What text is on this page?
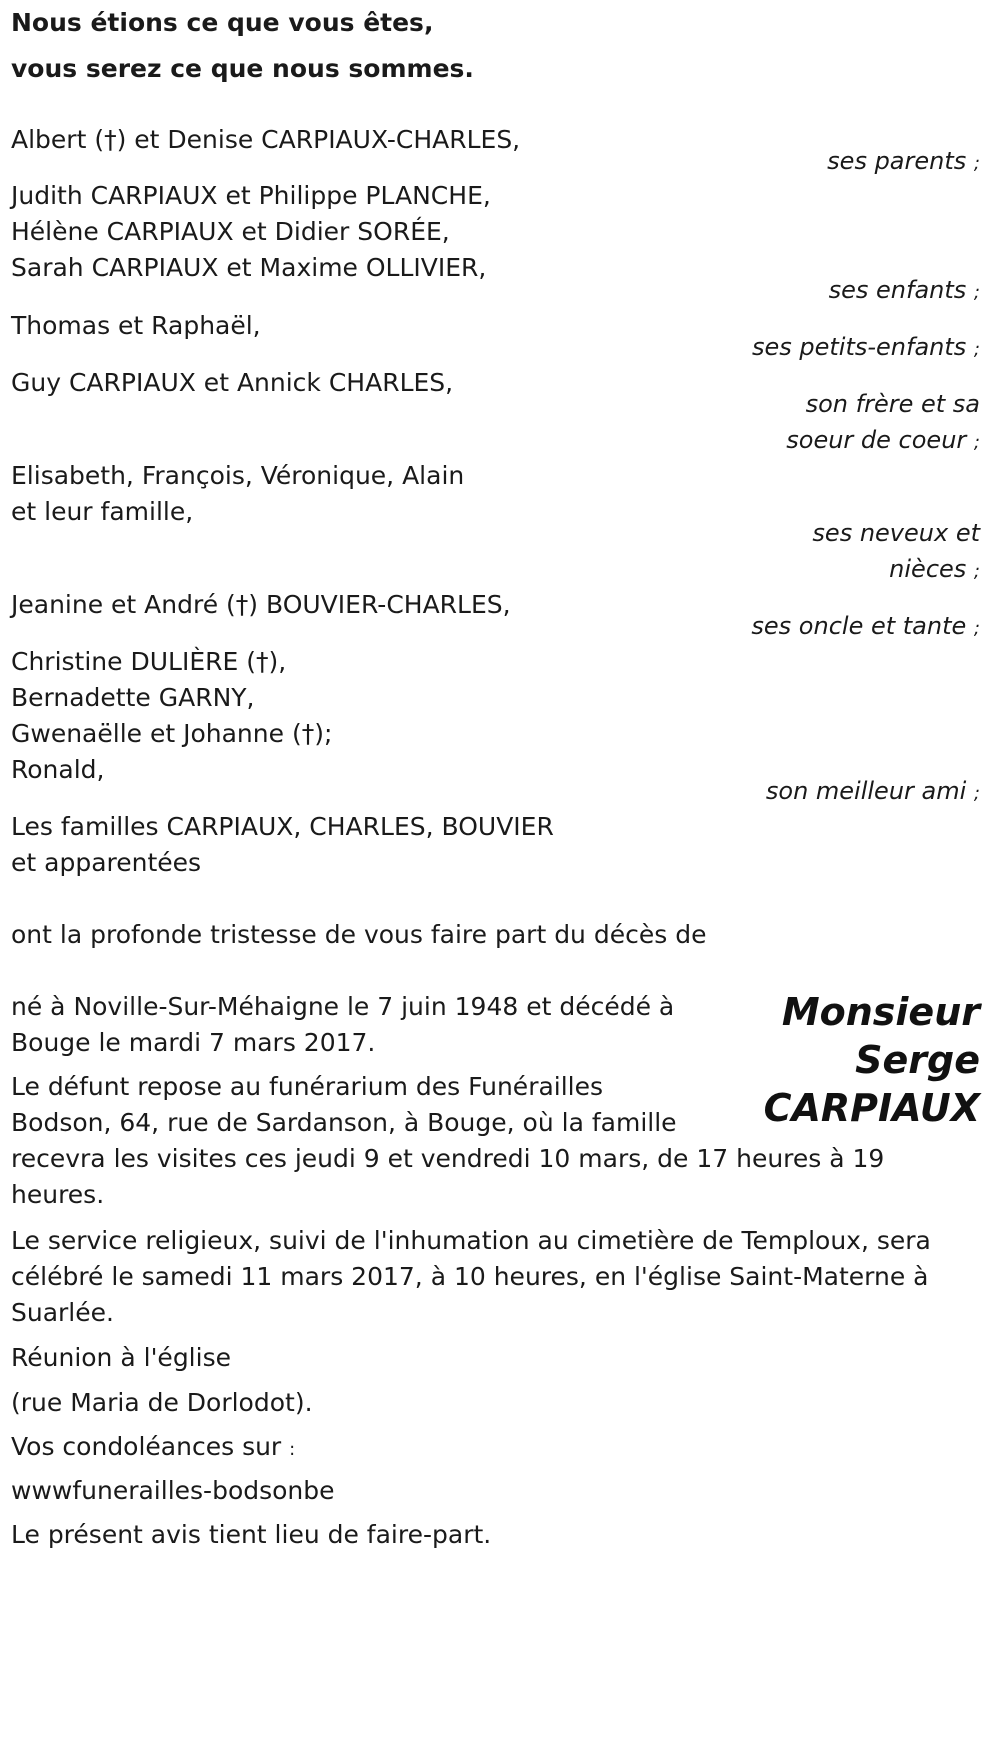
Nous étions ce que vous êtes,
vous serez ce que nous sommes.
Albert (†) et Denise CARPIAUX-CHARLES,
ses parents ;
Judith CARPIAUX et Philippe PLANCHE,
Hélène CARPIAUX et Didier SORÉE,
Sarah CARPIAUX et Maxime OLLIVIER,
ses enfants ;
Thomas et Raphaël,
ses petits-enfants ;
Guy CARPIAUX et Annick CHARLES,
son frère et sa
soeur de coeur ;
Elisabeth, François, Véronique, Alain
et leur famille,
ses neveux et
nièces ;
Jeanine et André (†) BOUVIER-CHARLES,
ses oncle et tante ;
Christine DULIÈRE (†),
Bernadette GARNY,
Gwenaëlle et Johanne (†);
Ronald,
son meilleur ami ;
Les familles CARPIAUX, CHARLES, BOUVIER
et apparentées
ont la profonde tristesse de vous faire part du décès de
Monsieur
Serge
CARPIAUX
né à Noville-Sur-Méhaigne le 7 juin 1948 et décédé à
Bouge le mardi 7 mars 2017.
Le défunt repose au funérarium des Funérailles
Bodson, 64, rue de Sardanson, à Bouge, où la famille
recevra les visites ces jeudi 9 et vendredi 10 mars, de 17 heures à 19
heures.
Le service religieux, suivi de l'inhumation au cimetière de Temploux, sera
célébré le samedi 11 mars 2017, à 10 heures, en l'église Saint-Materne à
Suarlée.
Réunion à l'église
(rue Maria de Dorlodot).
Vos condoléances sur :
wwwfunerailles-bodsonbe
Le présent avis tient lieu de faire-part.
